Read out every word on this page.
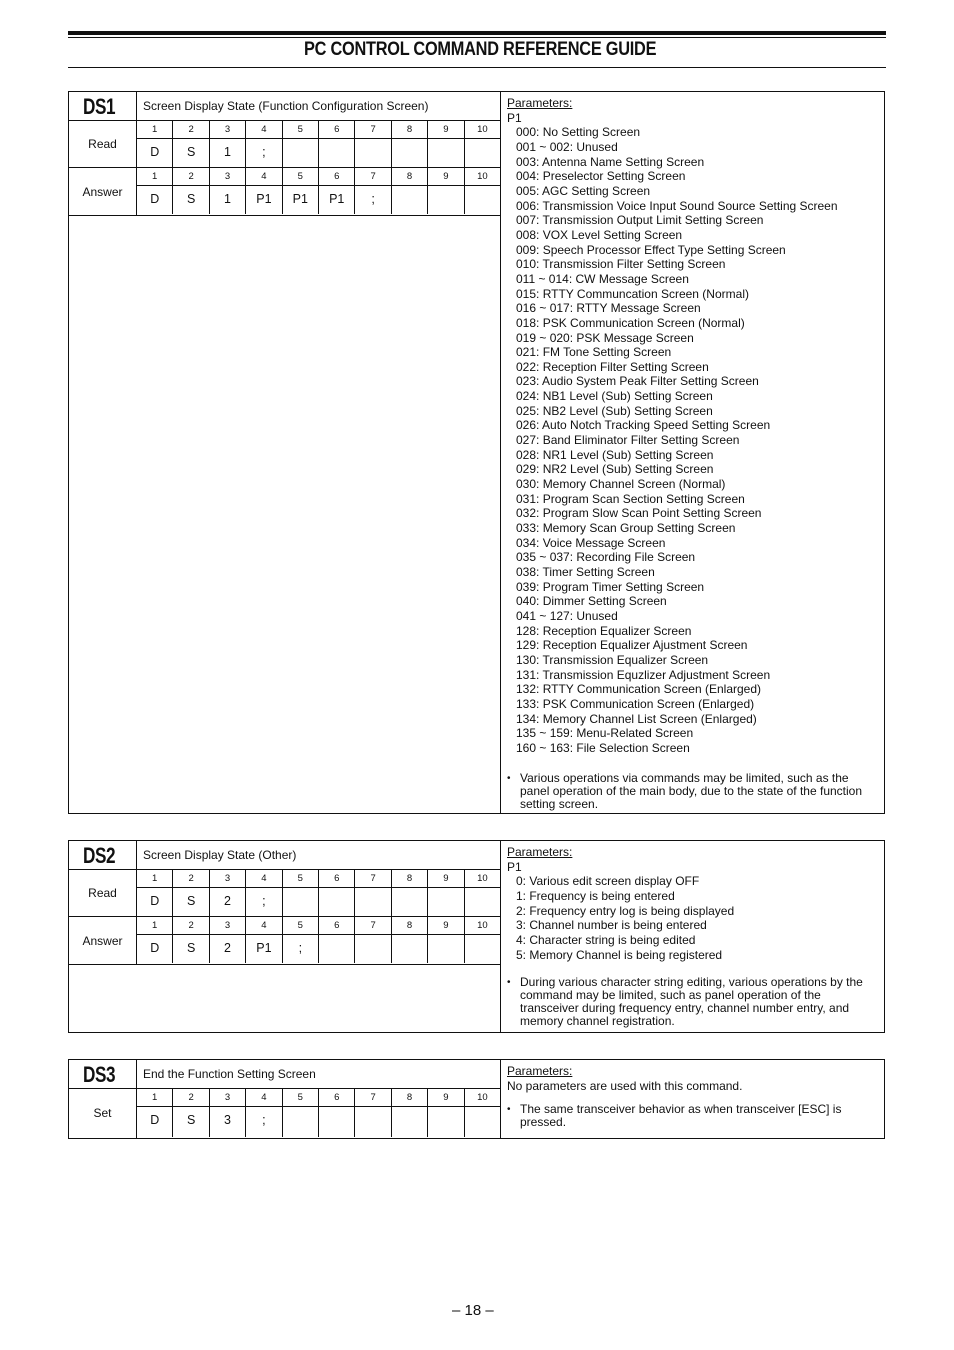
PC CONTROL COMMAND REFERENCE GUIDE
DS1	Screen Display State (Function Configuration Screen)
Read
1	2	3	4	5	6	7	8	9	10
D	S	1	;
Answer
1	2	3	4	5	6	7	8	9	10
D	S	1	P1	P1	P1	;
Parameters:
P1
000: No Setting Screen
001 ~ 002: Unused
003: Antenna Name Setting Screen
004: Preselector Setting Screen
005: AGC Setting Screen
006: Transmission Voice Input Sound Source Setting Screen
007: Transmission Output Limit Setting Screen
008: VOX Level Setting Screen
009: Speech Processor Effect Type Setting Screen
010: Transmission Filter Setting Screen
011 ~ 014: CW Message Screen
015: RTTY Communcation Screen (Normal)
016 ~ 017: RTTY Message Screen
018: PSK Communication Screen (Normal)
019 ~ 020: PSK Message Screen
021: FM Tone Setting Screen
022: Reception Filter Setting Screen
023: Audio System Peak Filter Setting Screen
024: NB1 Level (Sub) Setting Screen
025: NB2 Level (Sub) Setting Screen
026: Auto Notch Tracking Speed Setting Screen
027: Band Eliminator Filter Setting Screen
028: NR1 Level (Sub) Setting Screen
029: NR2 Level (Sub) Setting Screen
030: Memory Channel Screen (Normal)
031: Program Scan Section Setting Screen
032: Program Slow Scan Point Setting Screen
033: Memory Scan Group Setting Screen
034: Voice Message Screen
035 ~ 037: Recording File Screen
038: Timer Setting Screen
039: Program Timer Setting Screen
040: Dimmer Setting Screen
041 ~ 127: Unused
128: Reception Equalizer Screen
129: Reception Equalizer Ajustment Screen
130: Transmission Equalizer Screen
131: Transmission Equzlizer Adjustment Screen
132: RTTY Communication Screen (Enlarged)
133: PSK Communication Screen (Enlarged)
134: Memory Channel List Screen (Enlarged)
135 ~ 159: Menu-Related Screen
160 ~ 163: File Selection Screen
• Various operations via commands may be limited, such as the panel operation of the main body, due to the state of the function setting screen.
DS2	Screen Display State (Other)
Read
1	2	3	4	5	6	7	8	9	10
D	S	2	;
Answer
1	2	3	4	5	6	7	8	9	10
D	S	2	P1	;
Parameters:
P1
0: Various edit screen display OFF
1: Frequency is being entered
2: Frequency entry log is being displayed
3: Channel number is being entered
4: Character string is being edited
5: Memory Channel is being registered
• During various character string editing, various operations by the command may be limited, such as panel operation of the transceiver during frequency entry, channel number entry, and memory channel registration.
DS3	End the Function Setting Screen
Set
1	2	3	4	5	6	7	8	9	10
D	S	3	;
Parameters:
No parameters are used with this command.
• The same transceiver behavior as when transceiver [ESC] is pressed.
– 18 –
